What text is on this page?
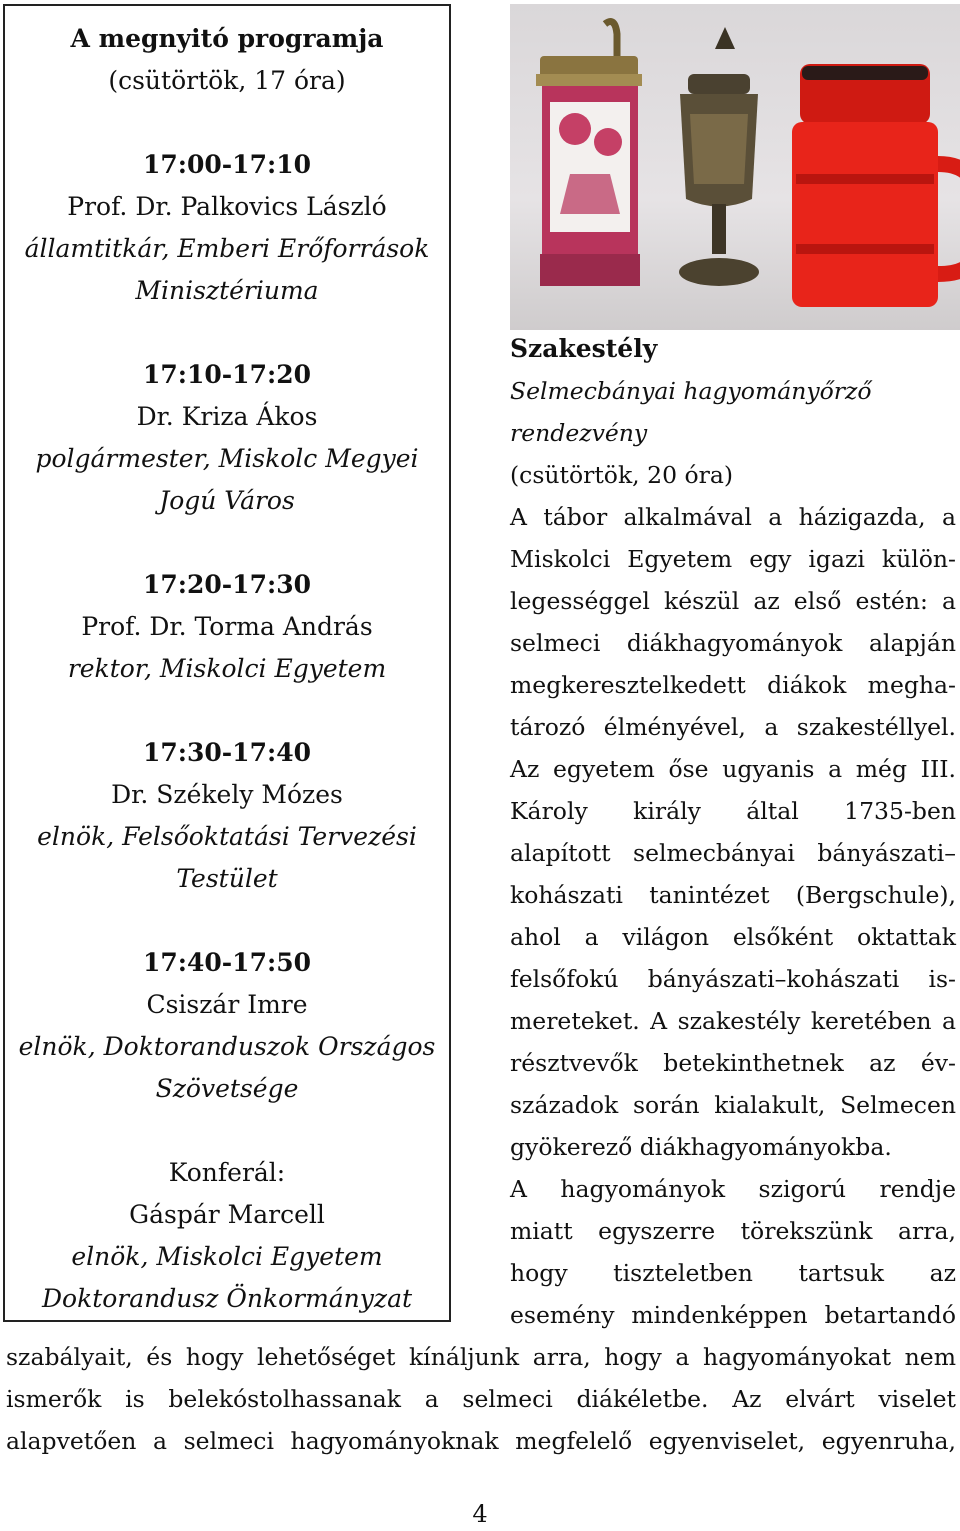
A megnyitó programja
(csütörtök, 17 óra)
17:00-17:10
Prof. Dr. Palkovics László
államtitkár, Emberi Erőforrások
Minisztériuma
17:10-17:20
Dr. Kriza Ákos
polgármester, Miskolc Megyei
Jogú Város
17:20-17:30
Prof. Dr. Torma András
rektor, Miskolci Egyetem
17:30-17:40
Dr. Székely Mózes
elnök, Felsőoktatási Tervezési
Testület
17:40-17:50
Csiszár Imre
elnök, Doktoranduszok Országos
Szövetsége
Konferál:
Gáspár Marcell
elnök, Miskolci Egyetem
Doktorandusz Önkormányzat
Szakestély
Selmecbányai hagyományőrző
rendezvény
(csütörtök, 20 óra)
A tábor alkalmával a házigazda, a
Miskolci Egyetem egy igazi külön-
legességgel készül az első estén: a
selmeci diákhagyományok alapján
megkeresztelkedett diákok megha-
tározó élményével, a szakestéllyel.
Az egyetem őse ugyanis a még III.
Károly király által 1735-ben
alapított selmecbányai bányászati–
kohászati tanintézet (Bergschule),
ahol a világon elsőként oktattak
felsőfokú bányászati–kohászati is-
mereteket. A szakestély keretében a
résztvevők betekinthetnek az év-
századok során kialakult, Selmecen
gyökerező diákhagyományokba.
A hagyományok szigorú rendje
miatt egyszerre törekszünk arra,
hogy tiszteletben tartsuk az
esemény mindenképpen betartandó
szabályait, és hogy lehetőséget kínáljunk arra, hogy a hagyományokat nem
ismerők is belekóstolhassanak a selmeci diákéletbe. Az elvárt viselet
alapvetően a selmeci hagyományoknak megfelelő egyenviselet, egyenruha,
4
